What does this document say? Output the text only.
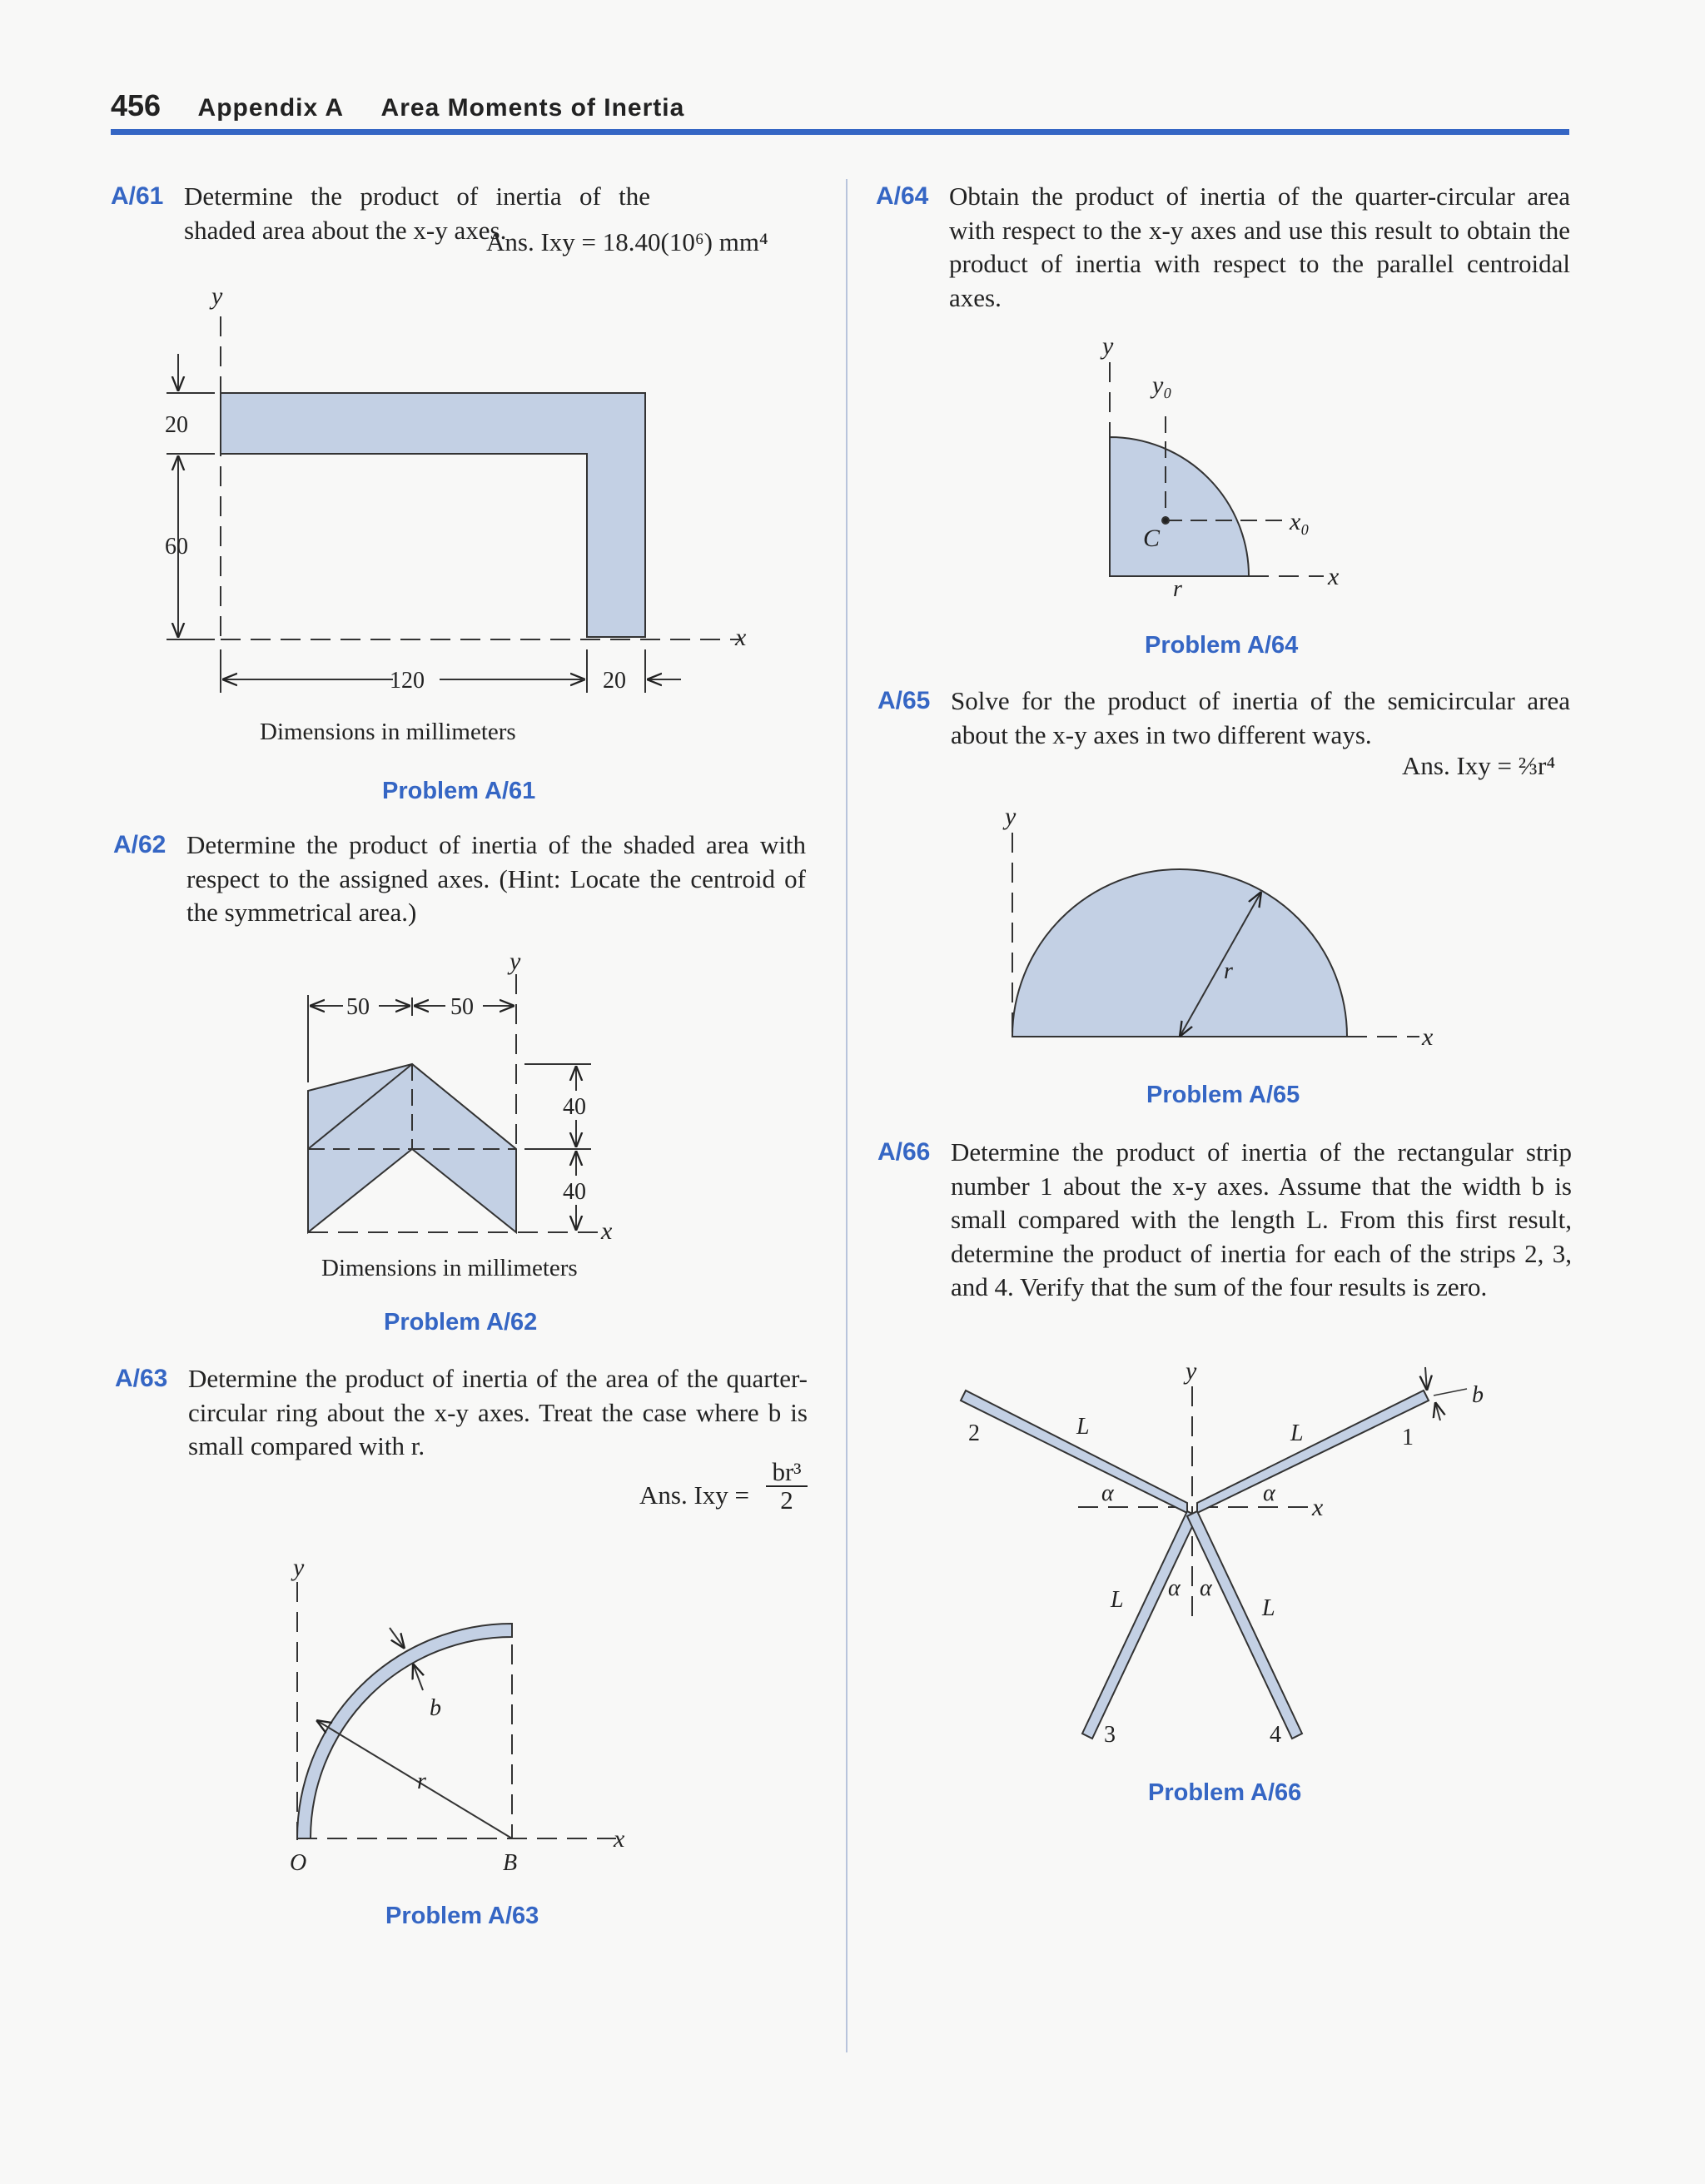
456 Appendix A Area Moments of Inertia
A/61 Determine the product of inertia of the shaded area about the x-y axes.
Ans. Ixy = 18.40(10⁶) mm⁴
A/62 Determine the product of inertia of the shaded area with respect to the assigned axes. (Hint: Locate the centroid of the symmetrical area.)
A/63 Determine the product of inertia of the area of the quarter-circular ring about the x-y axes. Treat the case where b is small compared with r.
Ans. Ixy = $\frac{\text{br³}}{2}$
A/64 Obtain the product of inertia of the quarter-circular area with respect to the x-y axes and use this result to obtain the product of inertia with respect to the parallel centroidal axes.
A/65 Solve for the product of inertia of the semicircular area about the x-y axes in two different ways.
Ans. Ixy = ⅔r⁴
A/66 Determine the product of inertia of the rectangular strip number 1 about the x-y axes. Assume that the width b is small compared with the length L. From this first result, determine the product of inertia for each of the strips 2, 3, and 4. Verify that the sum of the four results is zero.
Problem A/61
Problem A/62
Problem A/63
Problem A/64
Problem A/65
Problem A/66
y
x
20
60
120	20
Dimensions in millimeters
y
x
50	50
40
40
Dimensions in millimeters
y
x
b
r
O	B
y
y₀
x₀
x
C
r
y
x
r
y
x
b
1
2
3	4
L
L
L	L
α	α
α α
